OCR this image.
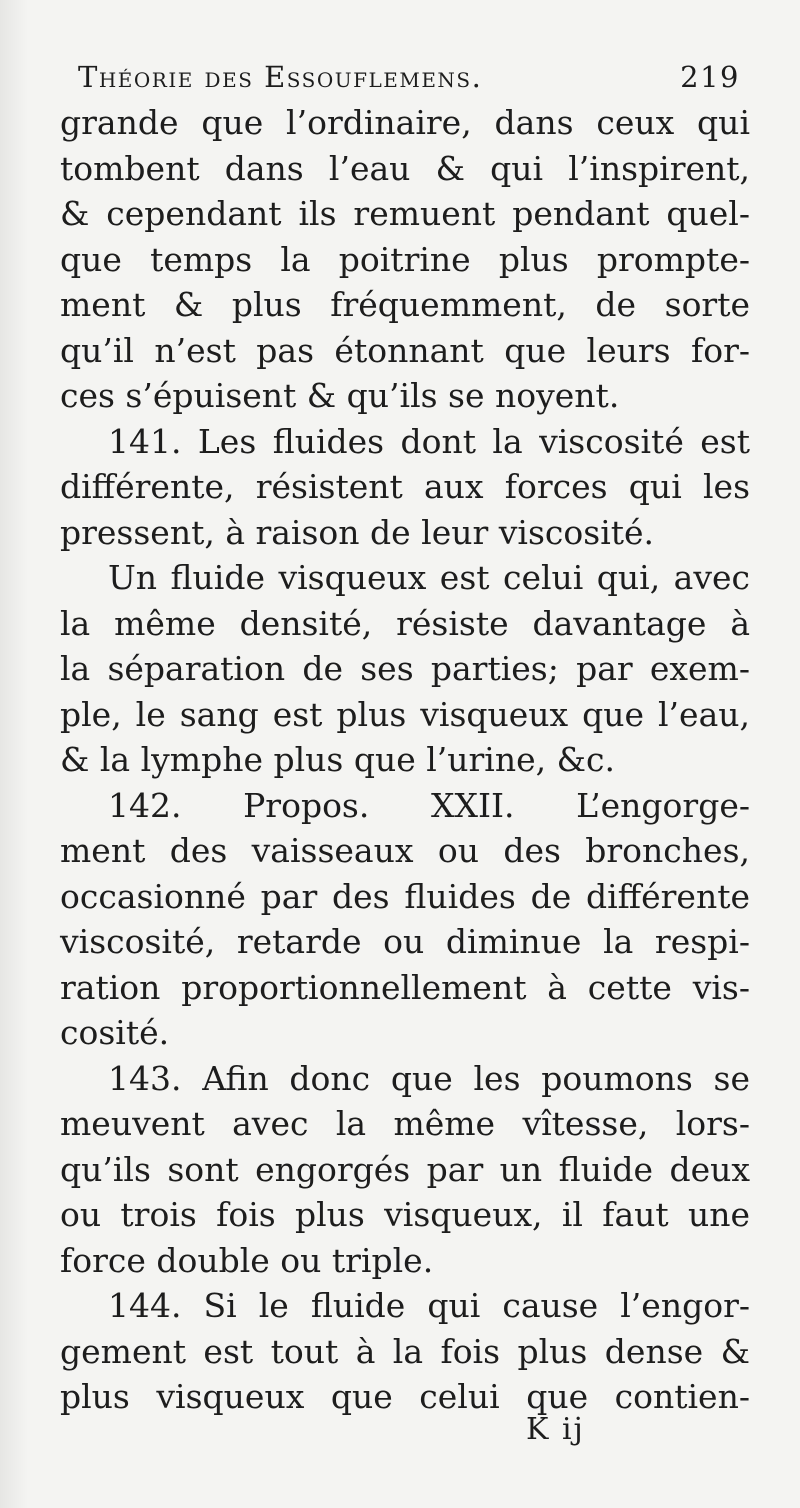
Théorie des Essouflemens.	219
grande que l’ordinaire, dans ceux qui
tombent dans l’eau & qui l’inspirent,
& cependant ils remuent pendant quel-
que temps la poitrine plus prompte-
ment & plus fréquemment, de sorte
qu’il n’est pas étonnant que leurs for-
ces s’épuisent & qu’ils se noyent.
141. Les fluides dont la viscosité est
différente, résistent aux forces qui les
pressent, à raison de leur viscosité.
Un fluide visqueux est celui qui, avec
la même densité, résiste davantage à
la séparation de ses parties; par exem-
ple, le sang est plus visqueux que l’eau,
& la lymphe plus que l’urine, &c.
142. Propos. XXII. L’engorge-
ment des vaisseaux ou des bronches,
occasionné par des fluides de différente
viscosité, retarde ou diminue la respi-
ration proportionnellement à cette vis-
cosité.
143. Afin donc que les poumons se
meuvent avec la même vîtesse, lors-
qu’ils sont engorgés par un fluide deux
ou trois fois plus visqueux, il faut une
force double ou triple.
144. Si le fluide qui cause l’engor-
gement est tout à la fois plus dense &
plus visqueux que celui que contien-
K ij
